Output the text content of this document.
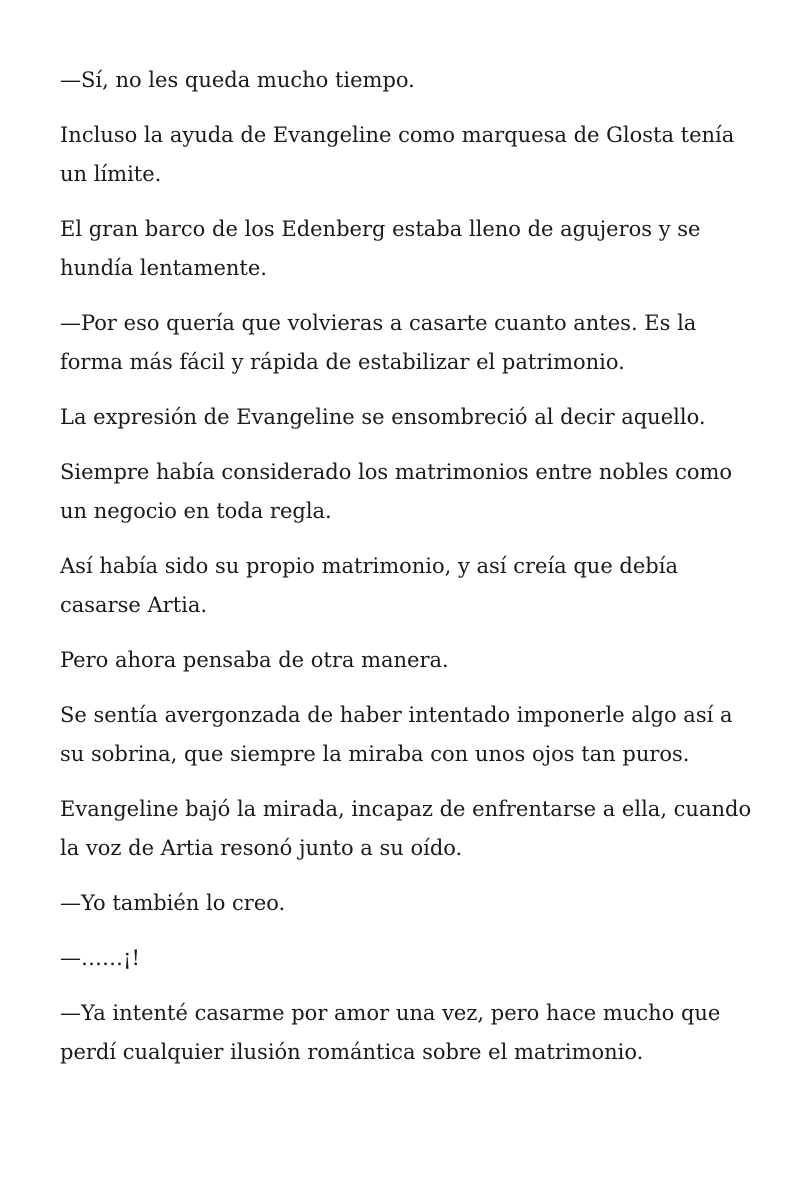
—Sí, no les queda mucho tiempo.

Incluso la ayuda de Evangeline como marquesa de Glosta tenía un límite.

El gran barco de los Edenberg estaba lleno de agujeros y se hundía lentamente.

—Por eso quería que volvieras a casarte cuanto antes. Es la forma más fácil y rápida de estabilizar el patrimonio.

La expresión de Evangeline se ensombreció al decir aquello.

Siempre había considerado los matrimonios entre nobles como un negocio en toda regla.

Así había sido su propio matrimonio, y así creía que debía casarse Artia.

Pero ahora pensaba de otra manera.

Se sentía avergonzada de haber intentado imponerle algo así a su sobrina, que siempre la miraba con unos ojos tan puros.

Evangeline bajó la mirada, incapaz de enfrentarse a ella, cuando la voz de Artia resonó junto a su oído.

—Yo también lo creo.

—……¡!

—Ya intenté casarme por amor una vez, pero hace mucho que perdí cualquier ilusión romántica sobre el matrimonio.
